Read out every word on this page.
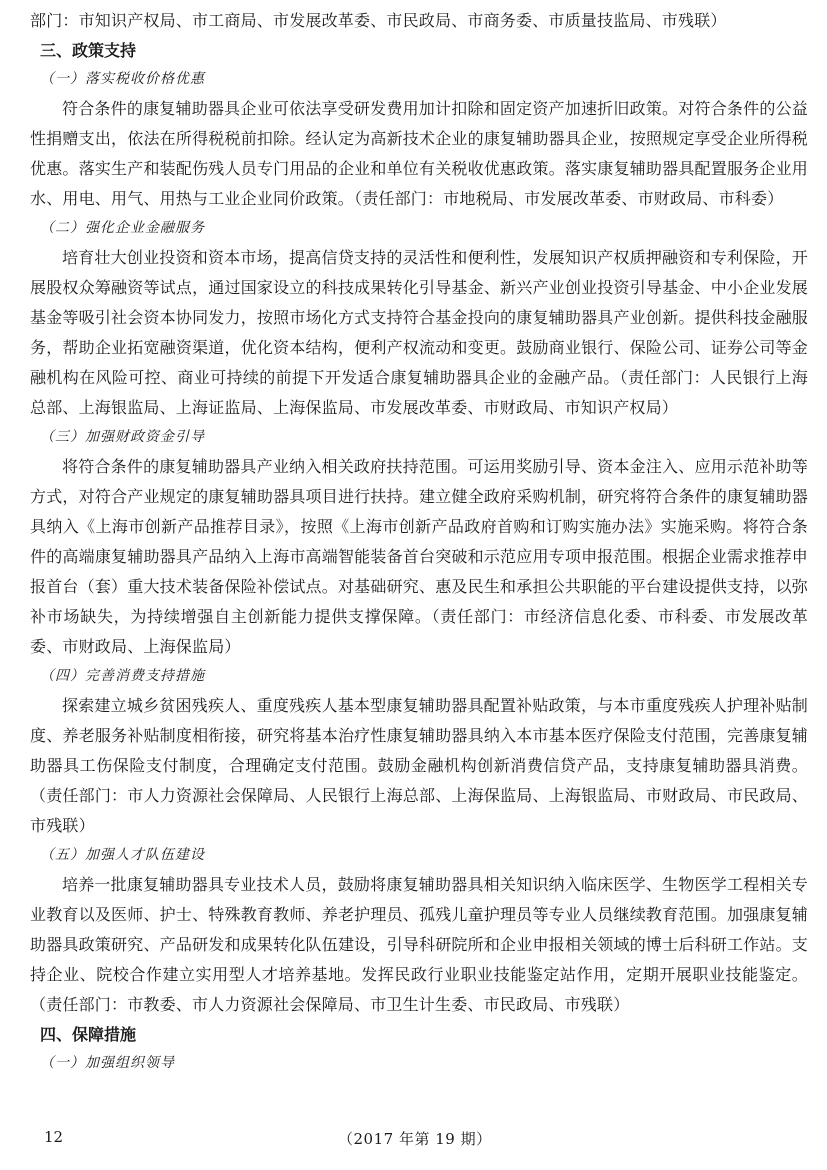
部门：市知识产权局、市工商局、市发展改革委、市民政局、市商务委、市质量技监局、市残联）

三、政策支持

（一）落实税收价格优惠

符合条件的康复辅助器具企业可依法享受研发费用加计扣除和固定资产加速折旧政策。对符合条件的公益性捐赠支出，依法在所得税税前扣除。经认定为高新技术企业的康复辅助器具企业，按照规定享受企业所得税优惠。落实生产和装配伤残人员专门用品的企业和单位有关税收优惠政策。落实康复辅助器具配置服务企业用水、用电、用气、用热与工业企业同价政策。（责任部门：市地税局、市发展改革委、市财政局、市科委）

（二）强化企业金融服务

培育壮大创业投资和资本市场，提高信贷支持的灵活性和便利性，发展知识产权质押融资和专利保险，开展股权众筹融资等试点，通过国家设立的科技成果转化引导基金、新兴产业创业投资引导基金、中小企业发展基金等吸引社会资本协同发力，按照市场化方式支持符合基金投向的康复辅助器具产业创新。提供科技金融服务，帮助企业拓宽融资渠道，优化资本结构，便利产权流动和变更。鼓励商业银行、保险公司、证券公司等金融机构在风险可控、商业可持续的前提下开发适合康复辅助器具企业的金融产品。（责任部门：人民银行上海总部、上海银监局、上海证监局、上海保监局、市发展改革委、市财政局、市知识产权局）

（三）加强财政资金引导

将符合条件的康复辅助器具产业纳入相关政府扶持范围。可运用奖励引导、资本金注入、应用示范补助等方式，对符合产业规定的康复辅助器具项目进行扶持。建立健全政府采购机制，研究将符合条件的康复辅助器具纳入《上海市创新产品推荐目录》，按照《上海市创新产品政府首购和订购实施办法》实施采购。将符合条件的高端康复辅助器具产品纳入上海市高端智能装备首台突破和示范应用专项申报范围。根据企业需求推荐申报首台（套）重大技术装备保险补偿试点。对基础研究、惠及民生和承担公共职能的平台建设提供支持，以弥补市场缺失，为持续增强自主创新能力提供支撑保障。（责任部门：市经济信息化委、市科委、市发展改革委、市财政局、上海保监局）

（四）完善消费支持措施

探索建立城乡贫困残疾人、重度残疾人基本型康复辅助器具配置补贴政策，与本市重度残疾人护理补贴制度、养老服务补贴制度相衔接，研究将基本治疗性康复辅助器具纳入本市基本医疗保险支付范围，完善康复辅助器具工伤保险支付制度，合理确定支付范围。鼓励金融机构创新消费信贷产品，支持康复辅助器具消费。（责任部门：市人力资源社会保障局、人民银行上海总部、上海保监局、上海银监局、市财政局、市民政局、市残联）

（五）加强人才队伍建设

培养一批康复辅助器具专业技术人员，鼓励将康复辅助器具相关知识纳入临床医学、生物医学工程相关专业教育以及医师、护士、特殊教育教师、养老护理员、孤残儿童护理员等专业人员继续教育范围。加强康复辅助器具政策研究、产品研发和成果转化队伍建设，引导科研院所和企业申报相关领域的博士后科研工作站。支持企业、院校合作建立实用型人才培养基地。发挥民政行业职业技能鉴定站作用，定期开展职业技能鉴定。（责任部门：市教委、市人力资源社会保障局、市卫生计生委、市民政局、市残联）

四、保障措施

（一）加强组织领导

12	（2017 年第 19 期）
